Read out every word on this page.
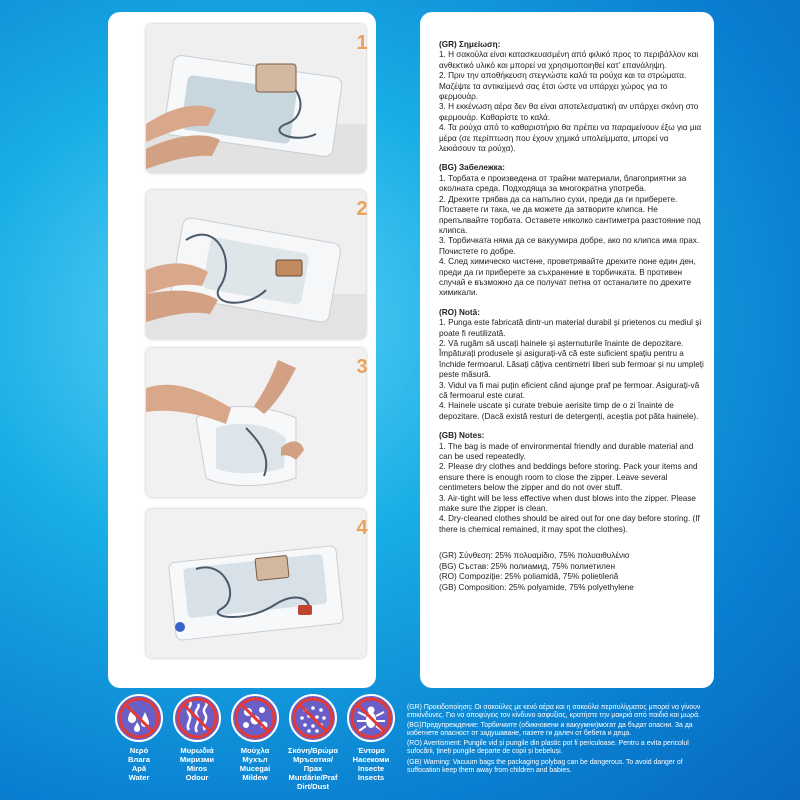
1
2
3
4

(GR) Σημείωση:

1. Η σακούλα είναι κατασκευασμένη από φιλικό προς το περιβάλλον και ανθεκτικό υλικό και μπορεί να χρησιμοποιηθεί κατ’ επανάληψη.

2. Πριν την αποθήκευση στεγνώστε καλά τα ρούχα και τα στρώματα. Μαζέψτε τα αντικείμενά σας έτσι ώστε να υπάρχει χώρος για το φερμουάρ.

3. Η εκκένωση αέρα δεν θα είναι αποτελεσματική αν υπάρχει σκόνη στο φερμουάρ. Καθαρίστε το καλά.

4. Τα ρούχα από το καθαριστήριο θα πρέπει να παραμείνουν έξω για μια μέρα (σε περίπτωση που έχουν χημικά υπολείμματα, μπορεί να λεκιάσουν τα ρούχα).

(BG) Забележка:

1. Торбата е произведена от трайни материали, благоприятни за околната среда. Подходяща за многократна употреба.

2. Дрехите трябва да са напълно сухи, преди да ги приберете. Поставете ги така, че да можете да затворите клипса. Не препълвайте торбата. Оставете няколко сантиметра разстояние под клипса.

3. Торбичката няма да се вакуумира добре, ако по клипса има прах. Почистете го добре.

4. След химическо чистене, проветрявайте дрехите поне един ден, преди да ги приберете за съхранение в торбичката. В противен случай е възможно да се получат петна от останалите по дрехите химикали.

(RO) Notă:

1. Punga este fabricată dintr-un material durabil și prietenos cu mediul și poate fi reutilizată.

2. Vă rugăm să uscați hainele și așternuturile înainte de depozitare. Împăturați produsele și asigurați-vă că este suficient spațiu pentru a închide fermoarul. Lăsați câțiva centimetri liberi sub fermoar și nu umpleți peste măsură.

3. Vidul va fi mai puțin eficient când ajunge praf pe fermoar. Asigurați-vă că fermoarul este curat.

4. Hainele uscate și curate trebuie aerisite timp de o zi înainte de depozitare. (Dacă există resturi de detergenți, aceștia pot păta hainele).

(GB) Notes:

1. The bag is made of environmental friendly and durable material and can be used repeatedly.

2. Please dry clothes and beddings before storing. Pack your items and ensure there is enough room to close the zipper. Leave several centimeters below the zipper and do not over stuff.

3. Air-tight will be less effective when dust blows into the zipper. Please make sure the zipper is clean.

4. Dry-cleaned clothes should be aired out for one day before storing. (If there is chemical remained, it may spot the clothes).

(GR) Σύνθεση: 25% πολυαμίδιο, 75% πολυαιθυλένιο

(BG) Състав: 25% полиамид, 75% полиетилен

(RO) Compoziție: 25% poliamidă, 75% polietilenă

(GB) Composition: 25% polyamide, 75% polyethylene

Νερό
Влага
Apă
Water
Μυρωδιά
Миризми
Miros
Odour
Μούχλα
Мухъл
Mucegai
Mildew
Σκόνη/Βρώμα
Мръсотия/ Прах
Murdărie/Praf
Dirt/Dust
Έντομο
Насекоми
Insecte
Insects

(GR) Προειδοποίηση: Οι σακούλες με κενό αέρα και η σακούλα περιτυλίγματος μπορεί να γίνουν επικίνδυνες. Για να αποφύγεις τον κίνδυνο ασφυξίας, κρατήστε την μακριά από παιδιά και μωρά.

(BG)Предупреждение: Торбичките (обикновени и вакуумни)могат да бъдат опасни. За да избегнете опасност от задушаване, пазете ги далеч от бебета и деца.

(RO) Avertisment: Pungile vid și pungile din plastic pot fi periculoase. Pentru a evita pericolul sufocării, țineți pungile departe de copii și bebeluși.

(GB) Warning: Vacuum bags the packaging polybag can be dangerous. To avoid danger of suffocation keep them away from children and babies.
